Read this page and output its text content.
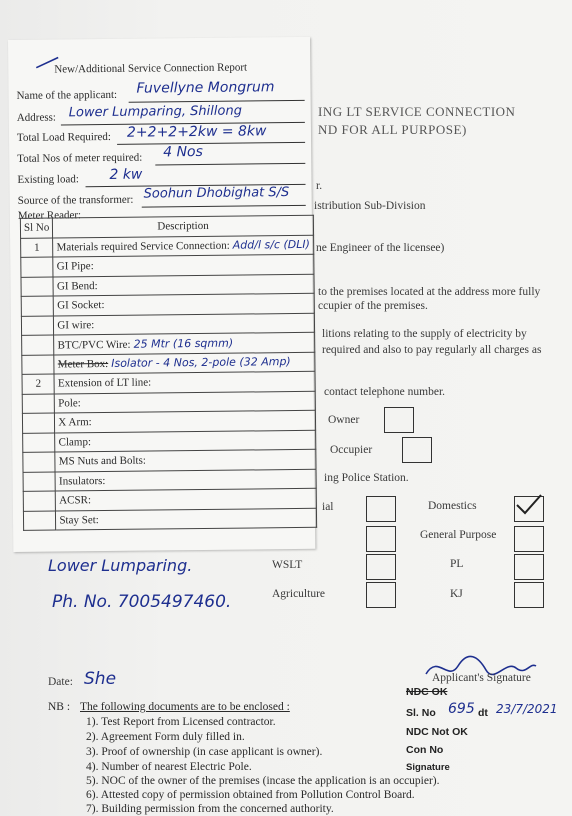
ING LT SERVICE CONNECTION
ND FOR ALL PURPOSE)
r.
istribution Sub-Division
ne Engineer of the licensee)
to the premises located at the address more fully
ccupier of the premises.
litions relating to the supply of electricity by
required and also to pay regularly all charges as
contact telephone number.
Owner
Occupier
ing Police Station.
ial	Domestics
General Purpose
WSLT	PL
Agriculture	KJ
Lower Lumparing.
Ph. No. 7005497460.
Date: She	Applicant's Signature
NDC OK
Sl. No 695 dt 23/7/2021
NDC Not OK
Con No
Signature
NB : The following documents are to be enclosed :
1). Test Report from Licensed contractor.
2). Agreement Form duly filled in.
3). Proof of ownership (in case applicant is owner).
4). Number of nearest Electric Pole.
5). NOC of the owner of the premises (incase the application is an occupier).
6). Attested copy of permission obtained from Pollution Control Board.
7). Building permission from the concerned authority.
New/Additional Service Connection Report
Name of the applicant: Fuvellyne Mongrum
Address: Lower Lumparing, Shillong
Total Load Required: 2+2+2+2kw = 8kw
Total Nos of meter required: 4 Nos
Existing load: 2 kw
Source of the transformer: Soohun Dhobighat S/S
Meter Reader:
Sl No	Description
1	Materials required Service Connection: Add/l s/c (DLI)
	GI Pipe:
	GI Bend:
	GI Socket:
	GI wire:
	BTC/PVC Wire: 25 Mtr (16 sqmm)
	Meter Box: Isolator - 4 Nos, 2-pole (32 Amp)
2	Extension of LT line:
	Pole:
	X Arm:
	Clamp:
	MS Nuts and Bolts:
	Insulators:
	ACSR:
	Stay Set:
